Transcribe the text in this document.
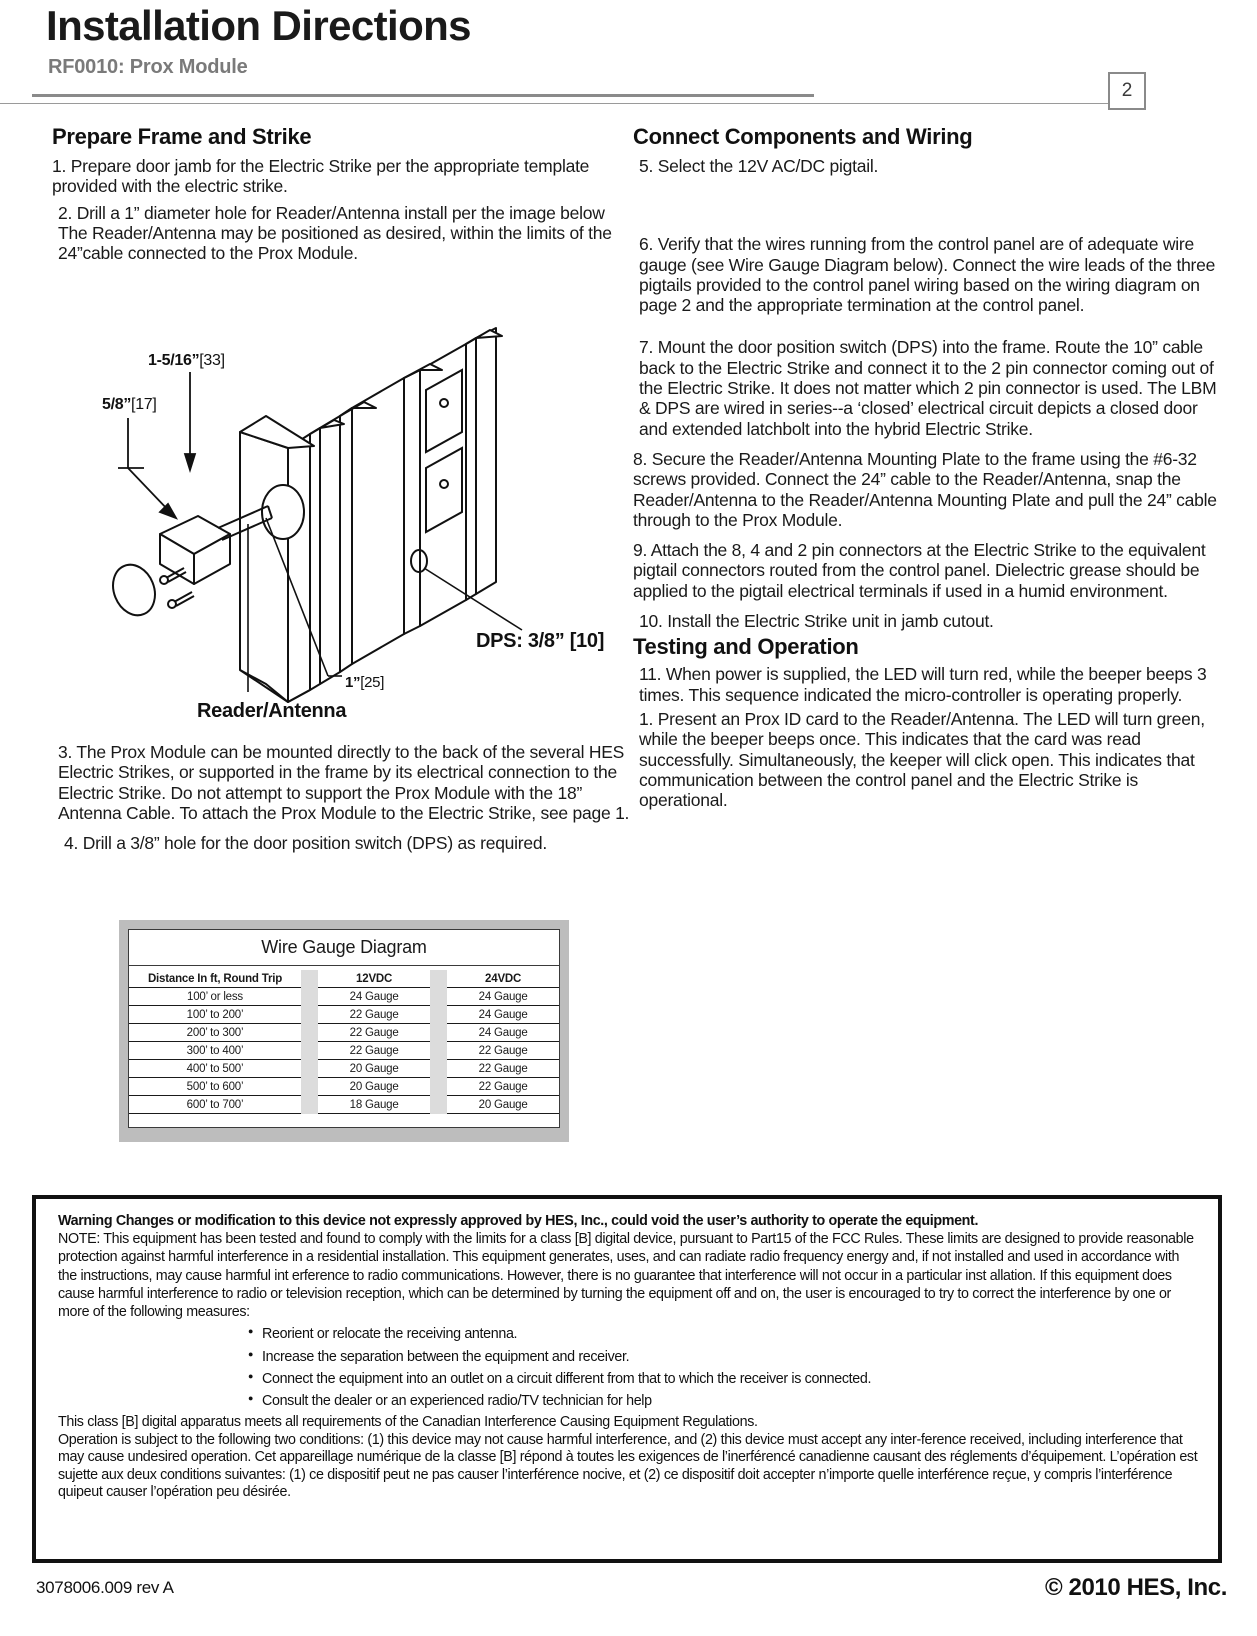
Installation Directions
RF0010: Prox Module
2
Prepare Frame and Strike

1. Prepare door jamb for the Electric Strike per the appropriate template provided with the electric strike.

2. Drill a 1” diameter hole for Reader/Antenna install per the image below The Reader/Antenna may be positioned as desired, within the limits of the 24”cable connected to the Prox Module.

1-5/16”[33]
5/8”[17]
1”[25]
DPS: 3/8” [10]
Reader/Antenna

3. The Prox Module can be mounted directly to the back of the several HES Electric Strikes, or supported in the frame by its electrical connection to the Electric Strike. Do not attempt to support the Prox Module with the 18” Antenna Cable. To attach the Prox Module to the Electric Strike, see page 1.

4. Drill a 3/8” hole for the door position switch (DPS) as required.

Wire Gauge Diagram
Distance In ft, Round Trip		12VDC		24VDC
100’ or less		24 Gauge		24 Gauge
100’ to 200’		22 Gauge		24 Gauge
200’ to 300’		22 Gauge		24 Gauge
300’ to 400’		22 Gauge		22 Gauge
400’ to 500’		20 Gauge		22 Gauge
500’ to 600’		20 Gauge		22 Gauge
600’ to 700’		18 Gauge		20 Gauge
Connect Components and Wiring

5. Select the 12V AC/DC pigtail.

6. Verify that the wires running from the control panel are of adequate wire gauge (see Wire Gauge Diagram below). Connect the wire leads of the three pigtails provided to the control panel wiring based on the wiring diagram on page 2 and the appropriate termination at the control panel.

7. Mount the door position switch (DPS) into the frame. Route the 10” cable back to the Electric Strike and connect it to the 2 pin connector coming out of the Electric Strike. It does not matter which 2 pin connector is used. The LBM & DPS are wired in series--a ‘closed’ electrical circuit depicts a closed door and extended latchbolt into the hybrid Electric Strike.

8. Secure the Reader/Antenna Mounting Plate to the frame using the #6-32 screws provided. Connect the 24” cable to the Reader/Antenna, snap the Reader/Antenna to the Reader/Antenna Mounting Plate and pull the 24” cable through to the Prox Module.

9. Attach the 8, 4 and 2 pin connectors at the Electric Strike to the equivalent pigtail connectors routed from the control panel. Dielectric grease should be applied to the pigtail electrical terminals if used in a humid environment.

10. Install the Electric Strike unit in jamb cutout.

Testing and Operation

11. When power is supplied, the LED will turn red, while the beeper beeps 3 times. This sequence indicated the micro-controller is operating properly.

1. Present an Prox ID card to the Reader/Antenna. The LED will turn green, while the beeper beeps once. This indicates that the card was read successfully. Simultaneously, the keeper will click open. This indicates that communication between the control panel and the Electric Strike is operational.

Warning Changes or modification to this device not expressly approved by HES, Inc., could void the user’s authority to operate the equipment.
NOTE: This equipment has been tested and found to comply with the limits for a class [B] digital device, pursuant to Part15 of the FCC Rules. These limits are designed to provide reasonable protection against harmful interference in a residential installation. This equipment generates, uses, and can radiate radio frequency energy and, if not installed and used in accordance with the instructions, may cause harmful int erference to radio communications. However, there is no guarantee that interference will not occur in a particular inst allation. If this equipment does cause harmful interference to radio or television reception, which can be determined by turning the equipment off and on, the user is encouraged to try to correct the interference by one or more of the following measures:
● Reorient or relocate the receiving antenna.
● Increase the separation between the equipment and receiver.
● Connect the equipment into an outlet on a circuit different from that to which the receiver is connected.
● Consult the dealer or an experienced radio/TV technician for help
This class [B] digital apparatus meets all requirements of the Canadian Interference Causing Equipment Regulations.
Operation is subject to the following two conditions: (1) this device may not cause harmful interference, and (2) this device must accept any inter-ference received, including interference that may cause undesired operation. Cet appareillage numérique de la classe [B] répond à toutes les exigences de l’inerférencé canadienne causant des réglements d’équipement. L’opération est sujette aux deux conditions suivantes: (1) ce dispositif peut ne pas causer l’interférence nocive, et (2) ce dispositif doit accepter n’importe quelle interférence reçue, y compris l’interférence quipeut causer l’opération peu désirée.
3078006.009 rev A	© 2010 HES, Inc.
